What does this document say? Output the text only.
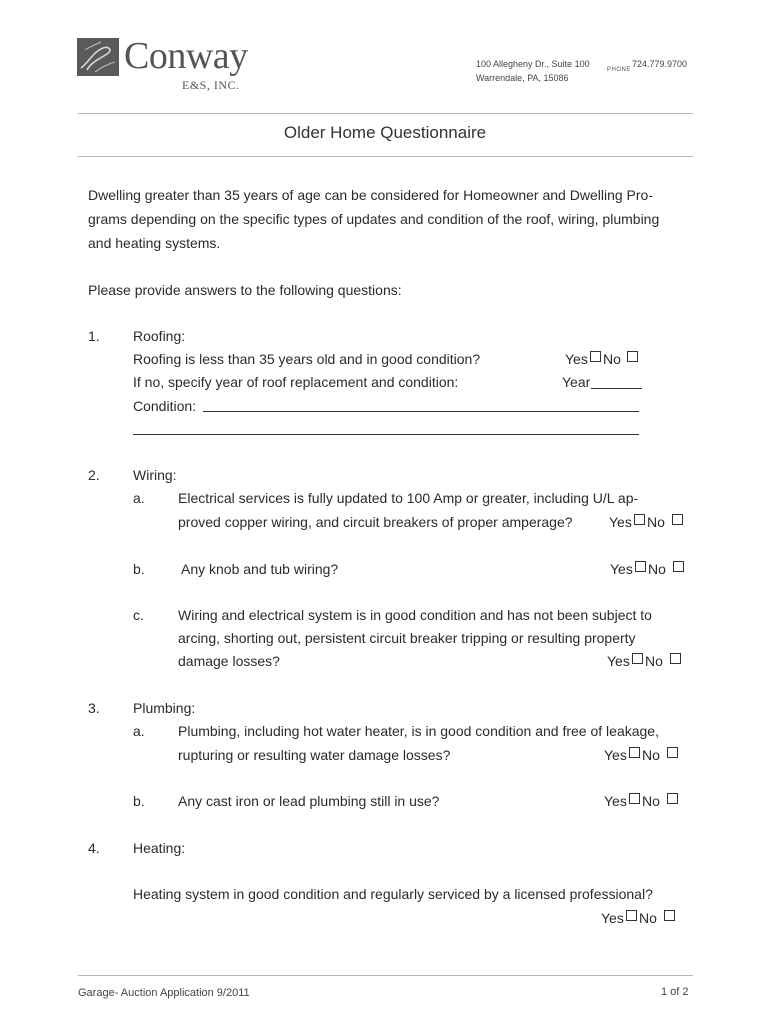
Conway
E&S, INC.
100 Allegheny Dr., Suite 100
Warrendale, PA, 15086
PHONE
724.779.9700
Older Home Questionnaire
Dwelling greater than 35 years of age can be considered for Homeowner and Dwelling Pro-
grams depending on the specific types of updates and condition of the roof, wiring, plumbing
and heating systems.
Please provide answers to the following questions:
1. Roofing:
Roofing is less than 35 years old and in good condition?	Yes No
If no, specify year of roof replacement and condition:	Year
Condition:
2. Wiring:
a. Electrical services is fully updated to 100 Amp or greater, including U/L ap-
proved copper wiring, and circuit breakers of proper amperage?	Yes No
b.	Any knob and tub wiring?	Yes No
c. Wiring and electrical system is in good condition and has not been subject to
arcing, shorting out, persistent circuit breaker tripping or resulting property
damage losses?	Yes No
3. Plumbing:
a. Plumbing, including hot water heater, is in good condition and free of leakage,
rupturing or resulting water damage losses?	Yes No
b. Any cast iron or lead plumbing still in use?	Yes No
4. Heating:
Heating system in good condition and regularly serviced by a licensed professional?
Yes No
Garage- Auction Application 9/2011	1 of 2
